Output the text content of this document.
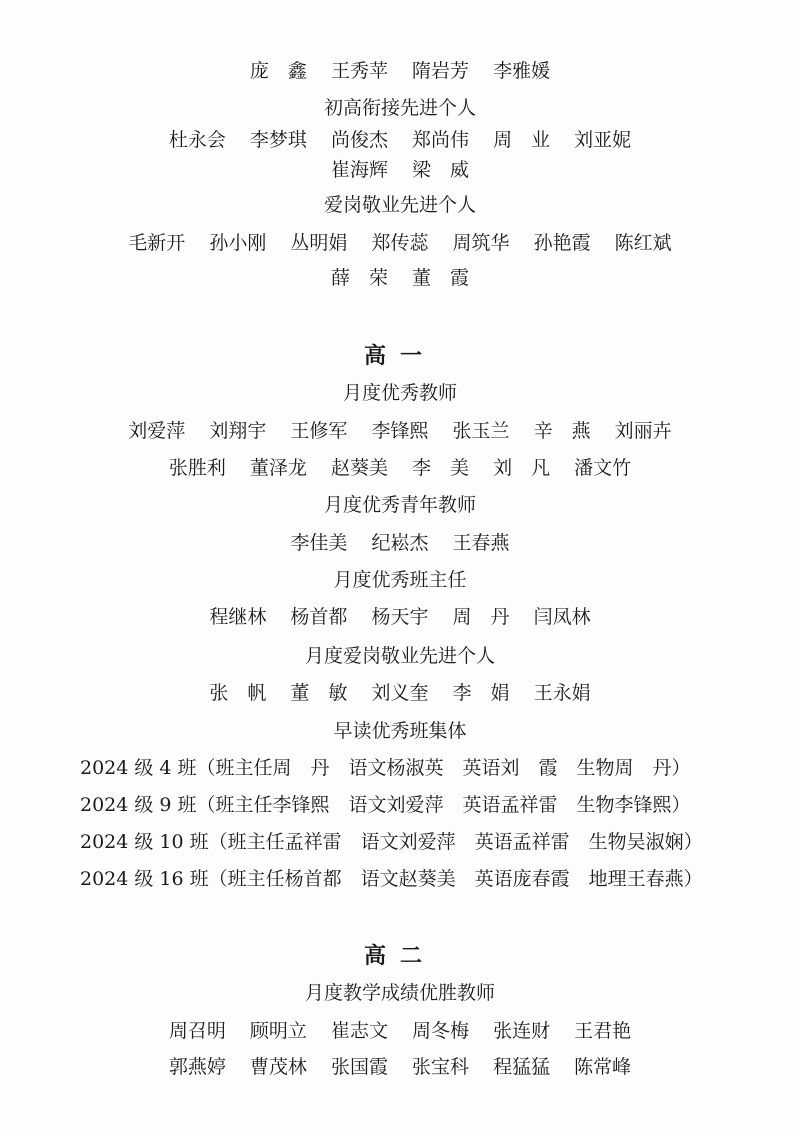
庞　鑫 王秀苹 隋岩芳 李雅媛
初高衔接先进个人
杜永会 李梦琪 尚俊杰 郑尚伟 周　业 刘亚妮
崔海辉 梁　威
爱岗敬业先进个人
毛新开 孙小刚 丛明娟 郑传蕊 周筑华 孙艳霞 陈红斌
薛　荣 董　霞
高一
月度优秀教师
刘爱萍 刘翔宇 王修军 李锋熙 张玉兰 辛　燕 刘丽卉
张胜利 董泽龙 赵葵美 李　美 刘　凡 潘文竹
月度优秀青年教师
李佳美 纪崧杰 王春燕
月度优秀班主任
程继林 杨首都 杨天宇 周　丹 闫凤林
月度爱岗敬业先进个人
张　帆 董　敏 刘义奎 李　娟 王永娟
早读优秀班集体
2024 级 4 班（班主任周　丹　语文杨淑英　英语刘　霞　生物周　丹）
2024 级 9 班（班主任李锋熙　语文刘爱萍　英语孟祥雷　生物李锋熙）
2024 级 10 班（班主任孟祥雷　语文刘爱萍　英语孟祥雷　生物吴淑娴）
2024 级 16 班（班主任杨首都　语文赵葵美　英语庞春霞　地理王春燕）
高二
月度教学成绩优胜教师
周召明 顾明立 崔志文 周冬梅 张连财 王君艳
郭燕婷 曹茂林 张国霞 张宝科 程猛猛 陈常峰
